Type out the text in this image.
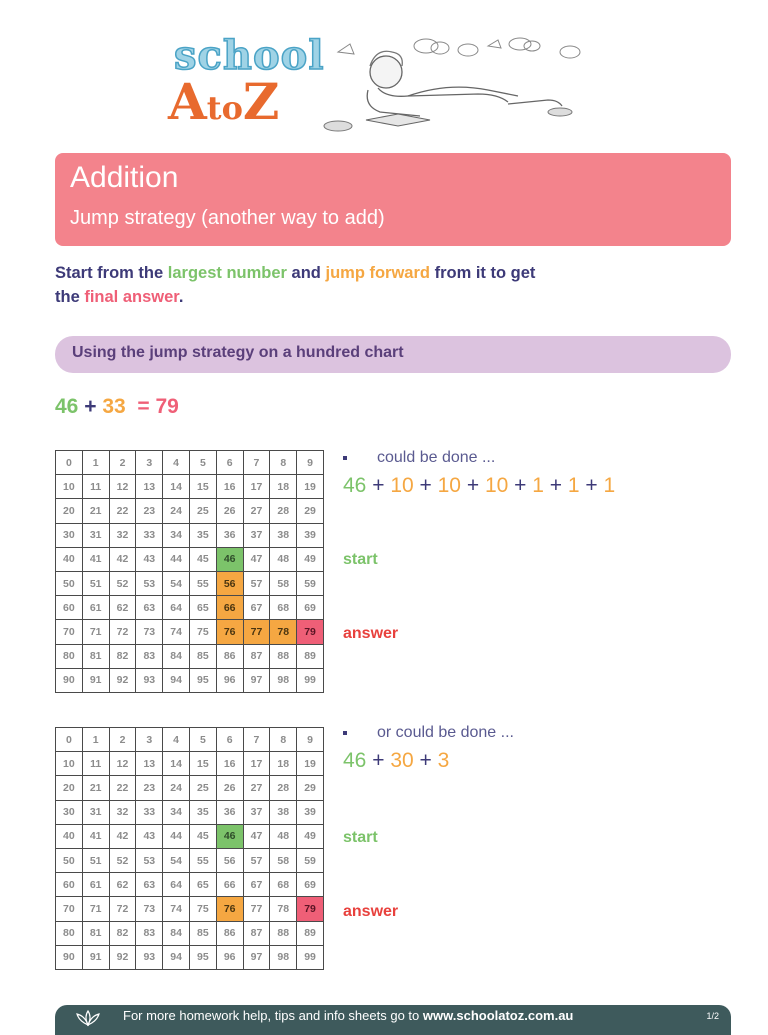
school
AtoZ
Addition
Jump strategy (another way to add)
Start from the largest number and jump forward from it to get
the final answer.
Using the jump strategy on a hundred chart
46 + 33 = 79
0	1	2	3	4	5	6	7	8	9
10	11	12	13	14	15	16	17	18	19
20	21	22	23	24	25	26	27	28	29
30	31	32	33	34	35	36	37	38	39
40	41	42	43	44	45	46	47	48	49
50	51	52	53	54	55	56	57	58	59
60	61	62	63	64	65	66	67	68	69
70	71	72	73	74	75	76	77	78	79
80	81	82	83	84	85	86	87	88	89
90	91	92	93	94	95	96	97	98	99
could be done ...
46 + 10 + 10 + 10 + 1 + 1 + 1
start
answer
0	1	2	3	4	5	6	7	8	9
10	11	12	13	14	15	16	17	18	19
20	21	22	23	24	25	26	27	28	29
30	31	32	33	34	35	36	37	38	39
40	41	42	43	44	45	46	47	48	49
50	51	52	53	54	55	56	57	58	59
60	61	62	63	64	65	66	67	68	69
70	71	72	73	74	75	76	77	78	79
80	81	82	83	84	85	86	87	88	89
90	91	92	93	94	95	96	97	98	99
or could be done ...
46 + 30 + 3
start
answer
For more homework help, tips and info sheets go to www.schoolatoz.com.au	1/2
